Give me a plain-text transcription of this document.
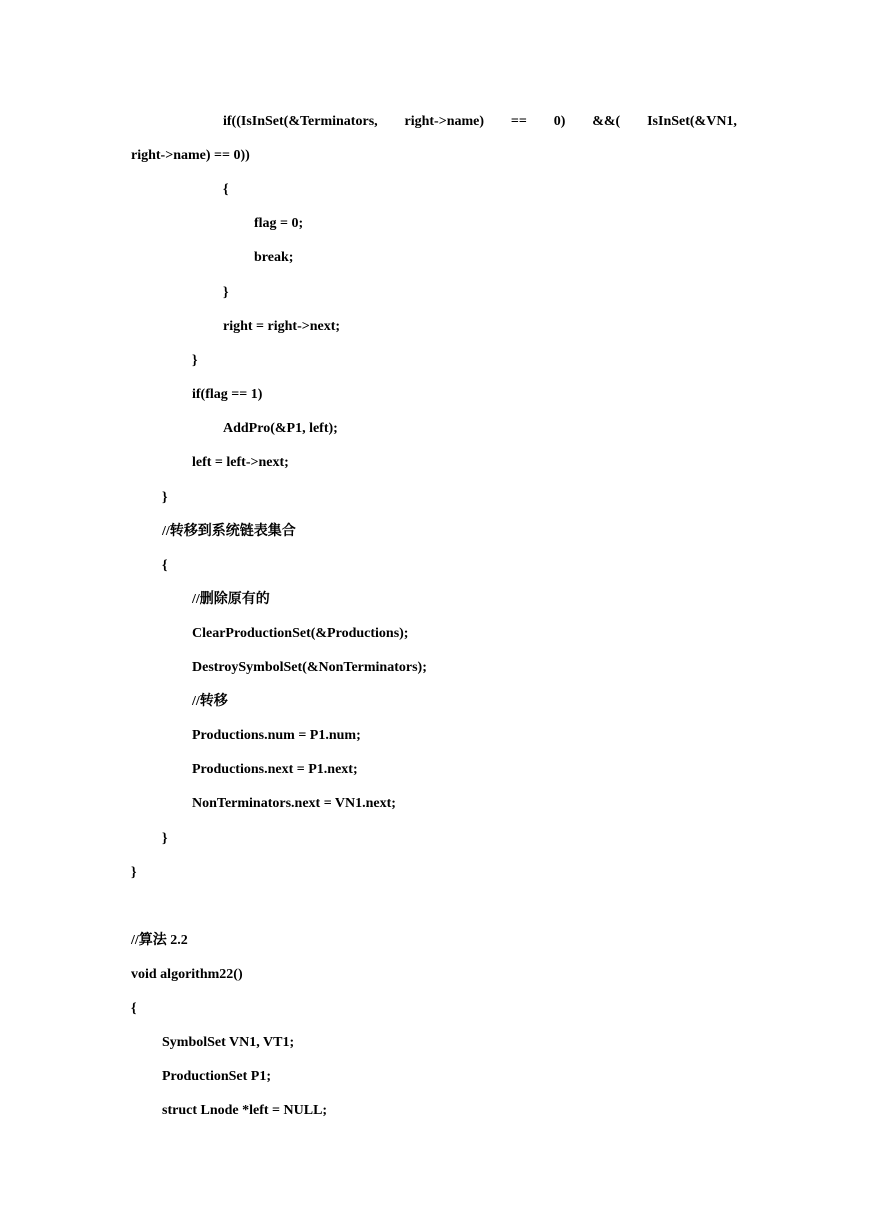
if((IsInSet(&Terminators, right->name) == 0) &&( IsInSet(&VN1,
right->name) == 0))
{
flag = 0;
break;
}
right = right->next;
}
if(flag == 1)
AddPro(&P1, left);
left = left->next;
}
//转移到系统链表集合
{
//删除原有的
ClearProductionSet(&Productions);
DestroySymbolSet(&NonTerminators);
//转移
Productions.num = P1.num;
Productions.next = P1.next;
NonTerminators.next = VN1.next;
}
}
//算法 2.2
void algorithm22()
{
SymbolSet VN1, VT1;
ProductionSet P1;
struct Lnode *left = NULL;
